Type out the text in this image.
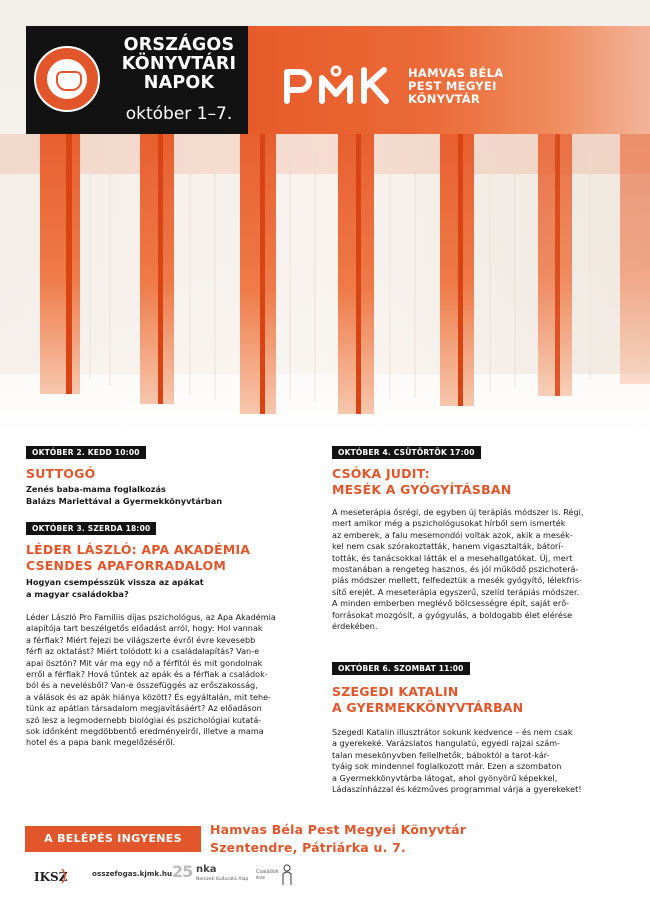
ORSZÁGOS
KÖNYVTÁRI
NAPOK
október 1–7.
HAMVAS BÉLA
PEST MEGYEI
KÖNYVTÁR
OKTÓBER 2. KEDD 10:00
SUTTOGÓ
Zenés baba-mama foglalkozás
Balázs Mariettával a Gyermekkönyvtárban
OKTÓBER 3. SZERDA 18:00
LÉDER LÁSZLÓ: APA AKADÉMIA
CSENDES APAFORRADALOM
Hogyan csempésszük vissza az apákat
a magyar családokba?
Léder László Pro Familiis díjas pszichológus, az Apa Akadémia
alapítója tart beszélgetős előadást arról, hogy: Hol vannak
a férfiak? Miért fejezi be világszerte évről évre kevesebb
férfi az oktatást? Miért tolódott ki a családalapítás? Van-e
apai ösztön? Mit vár ma egy nő a férfitól és mit gondolnak
erről a férfiak? Hová tűntek az apák és a férfiak a családok-
ból és a nevelésből? Van-e összefüggés az erőszakosság,
a válások és az apák hiánya között? És egyáltalán, mit tehe-
tünk az apátlan társadalom megjavításáért? Az előadáson
szó lesz a legmodernebb biológiai és pszichológiai kutatá-
sok időnként megdöbbentő eredményeiről, illetve a mama
hotel és a papa bank megelőzéséről.
OKTÓBER 4. CSÜTÖRTÖK 17:00
CSÓKA JUDIT:
MESÉK A GYÓGYÍTÁSBAN
A meseterápia ősrégi, de egyben új terápiás módszer is. Régi,
mert amikor még a pszichológusokat hírből sem ismerték
az emberek, a falu mesemondói voltak azok, akik a mesék-
kel nem csak szórakoztatták, hanem vigasztalták, bátorí-
tották, és tanácsokkal látták el a mesehallgatókat. Új, mert
mostanában a rengeteg hasznos, és jól működő pszichoterá-
piás módszer mellett, felfedeztük a mesék gyógyító, lélekfris-
sítő erejét. A meseterápia egyszerű, szelíd terápiás módszer.
A minden emberben meglévő bölcsességre épít, saját erő-
forrásokat mozgósít, a gyógyulás, a boldogabb élet elérése
érdekében.
OKTÓBER 6. SZOMBAT 11:00
SZEGEDI KATALIN
A GYERMEKKÖNYVTÁRBAN
Szegedi Katalin illusztrátor sokunk kedvence – és nem csak
a gyerekeké. Varázslatos hangulatú, egyedi rajzai szám-
talan mesekönyvben fellelhetők, báboktól a tarot-kár-
tyáig sok mindennel foglalkozott már. Ezen a szombaton
a Gyermekkönyvtárba látogat, ahol gyönyörű képekkel,
Ládaszínházzal és kézműves programmal várja a gyerekeket!
A BELÉPÉS INGYENES
Hamvas Béla Pest Megyei Könyvtár
Szentendre, Pátriárka u. 7.
IKSZ	osszefogas.kjmk.hu 25 nka
Nemzeti Kulturális Alap
Családok
éve
